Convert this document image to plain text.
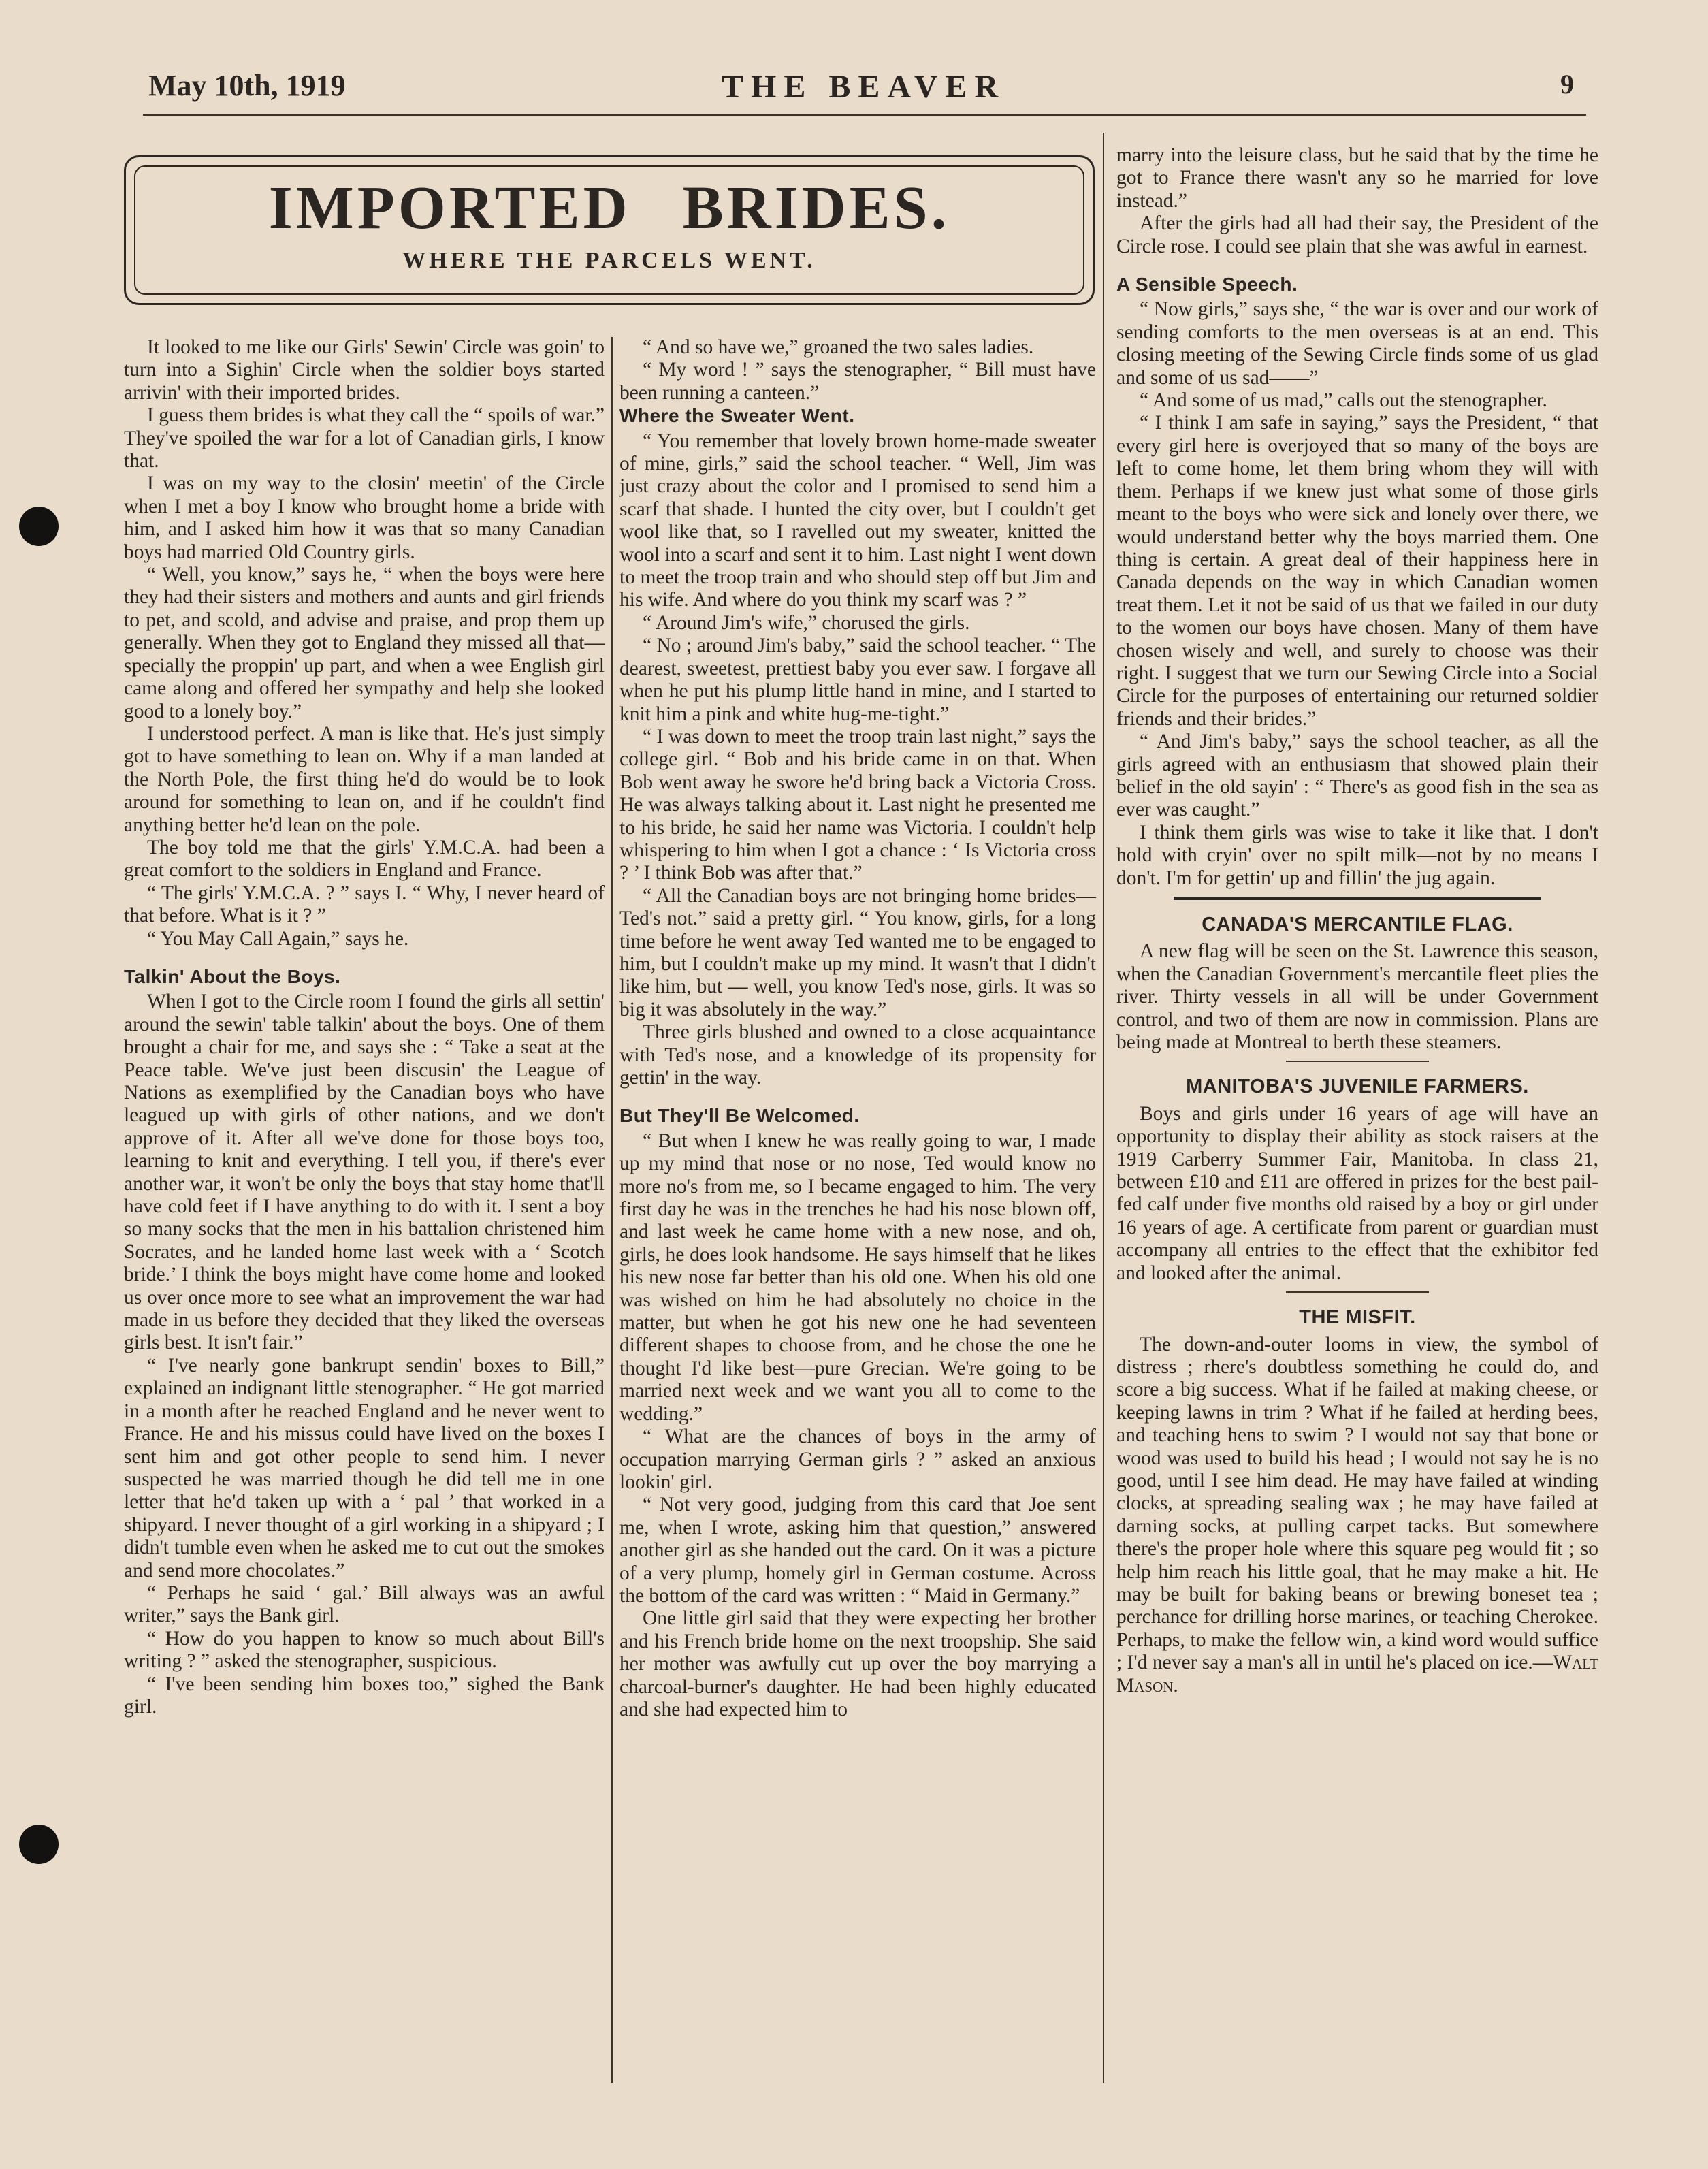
May 10th, 1919	THE BEAVER	9
IMPORTED BRIDES.
WHERE THE PARCELS WENT.

It looked to me like our Girls' Sewin' Circle was goin' to turn into a Sighin' Circle when the soldier boys started arrivin' with their imported brides.

I guess them brides is what they call the “ spoils of war.” They've spoiled the war for a lot of Canadian girls, I know that.

I was on my way to the closin' meetin' of the Circle when I met a boy I know who brought home a bride with him, and I asked him how it was that so many Canadian boys had married Old Country girls.

“ Well, you know,” says he, “ when the boys were here they had their sisters and mothers and aunts and girl friends to pet, and scold, and advise and praise, and prop them up generally. When they got to England they missed all that—specially the proppin' up part, and when a wee English girl came along and offered her sympathy and help she looked good to a lonely boy.”

I understood perfect. A man is like that. He's just simply got to have something to lean on. Why if a man landed at the North Pole, the first thing he'd do would be to look around for something to lean on, and if he couldn't find anything better he'd lean on the pole.

The boy told me that the girls' Y.M.C.A. had been a great comfort to the soldiers in England and France.

“ The girls' Y.M.C.A. ? ” says I. “ Why, I never heard of that before. What is it ? ”

“ You May Call Again,” says he.

Talkin' About the Boys.

When I got to the Circle room I found the girls all settin' around the sewin' table talkin' about the boys. One of them brought a chair for me, and says she : “ Take a seat at the Peace table. We've just been discusin' the League of Nations as exemplified by the Canadian boys who have leagued up with girls of other nations, and we don't approve of it. After all we've done for those boys too, learning to knit and everything. I tell you, if there's ever another war, it won't be only the boys that stay home that'll have cold feet if I have anything to do with it. I sent a boy so many socks that the men in his battalion christened him Socrates, and he landed home last week with a ‘ Scotch bride.’ I think the boys might have come home and looked us over once more to see what an improvement the war had made in us before they decided that they liked the overseas girls best. It isn't fair.”

“ I've nearly gone bankrupt sendin' boxes to Bill,” explained an indignant little stenographer. “ He got married in a month after he reached England and he never went to France. He and his missus could have lived on the boxes I sent him and got other people to send him. I never suspected he was married though he did tell me in one letter that he'd taken up with a ‘ pal ’ that worked in a shipyard. I never thought of a girl working in a shipyard ; I didn't tumble even when he asked me to cut out the smokes and send more chocolates.”

“ Perhaps he said ‘ gal.’ Bill always was an awful writer,” says the Bank girl.

“ How do you happen to know so much about Bill's writing ? ” asked the stenographer, suspicious.

“ I've been sending him boxes too,” sighed the Bank girl.

“ And so have we,” groaned the two sales ladies.

“ My word ! ” says the stenographer, “ Bill must have been running a canteen.”

Where the Sweater Went.

“ You remember that lovely brown home-made sweater of mine, girls,” said the school teacher. “ Well, Jim was just crazy about the color and I promised to send him a scarf that shade. I hunted the city over, but I couldn't get wool like that, so I ravelled out my sweater, knitted the wool into a scarf and sent it to him. Last night I went down to meet the troop train and who should step off but Jim and his wife. And where do you think my scarf was ? ”

“ Around Jim's wife,” chorused the girls.

“ No ; around Jim's baby,” said the school teacher. “ The dearest, sweetest, prettiest baby you ever saw. I forgave all when he put his plump little hand in mine, and I started to knit him a pink and white hug-me-tight.”

“ I was down to meet the troop train last night,” says the college girl. “ Bob and his bride came in on that. When Bob went away he swore he'd bring back a Victoria Cross. He was always talking about it. Last night he presented me to his bride, he said her name was Victoria. I couldn't help whispering to him when I got a chance : ‘ Is Victoria cross ? ’ I think Bob was after that.”

“ All the Canadian boys are not bringing home brides—Ted's not.” said a pretty girl. “ You know, girls, for a long time before he went away Ted wanted me to be engaged to him, but I couldn't make up my mind. It wasn't that I didn't like him, but — well, you know Ted's nose, girls. It was so big it was absolutely in the way.”

Three girls blushed and owned to a close acquaintance with Ted's nose, and a knowledge of its propensity for gettin' in the way.

But They'll Be Welcomed.

“ But when I knew he was really going to war, I made up my mind that nose or no nose, Ted would know no more no's from me, so I became engaged to him. The very first day he was in the trenches he had his nose blown off, and last week he came home with a new nose, and oh, girls, he does look handsome. He says himself that he likes his new nose far better than his old one. When his old one was wished on him he had absolutely no choice in the matter, but when he got his new one he had seventeen different shapes to choose from, and he chose the one he thought I'd like best—pure Grecian. We're going to be married next week and we want you all to come to the wedding.”

“ What are the chances of boys in the army of occupation marrying German girls ? ” asked an anxious lookin' girl.

“ Not very good, judging from this card that Joe sent me, when I wrote, asking him that question,” answered another girl as she handed out the card. On it was a picture of a very plump, homely girl in German costume. Across the bottom of the card was written : “ Maid in Germany.”

One little girl said that they were expecting her brother and his French bride home on the next troopship. She said her mother was awfully cut up over the boy marrying a charcoal-burner's daughter. He had been highly educated and she had expected him to

marry into the leisure class, but he said that by the time he got to France there wasn't any so he married for love instead.”

After the girls had all had their say, the President of the Circle rose. I could see plain that she was awful in earnest.

A Sensible Speech.

“ Now girls,” says she, “ the war is over and our work of sending comforts to the men overseas is at an end. This closing meeting of the Sewing Circle finds some of us glad and some of us sad——”

“ And some of us mad,” calls out the stenographer.

“ I think I am safe in saying,” says the President, “ that every girl here is overjoyed that so many of the boys are left to come home, let them bring whom they will with them. Perhaps if we knew just what some of those girls meant to the boys who were sick and lonely over there, we would understand better why the boys married them. One thing is certain. A great deal of their happiness here in Canada depends on the way in which Canadian women treat them. Let it not be said of us that we failed in our duty to the women our boys have chosen. Many of them have chosen wisely and well, and surely to choose was their right. I suggest that we turn our Sewing Circle into a Social Circle for the purposes of entertaining our returned soldier friends and their brides.”

“ And Jim's baby,” says the school teacher, as all the girls agreed with an enthusiasm that showed plain their belief in the old sayin' : “ There's as good fish in the sea as ever was caught.”

I think them girls was wise to take it like that. I don't hold with cryin' over no spilt milk—not by no means I don't. I'm for gettin' up and fillin' the jug again.

CANADA'S MERCANTILE FLAG.

A new flag will be seen on the St. Lawrence this season, when the Canadian Government's mercantile fleet plies the river. Thirty vessels in all will be under Government control, and two of them are now in commission. Plans are being made at Montreal to berth these steamers.

MANITOBA'S JUVENILE FARMERS.

Boys and girls under 16 years of age will have an opportunity to display their ability as stock raisers at the 1919 Carberry Summer Fair, Manitoba. In class 21, between £10 and £11 are offered in prizes for the best pail-fed calf under five months old raised by a boy or girl under 16 years of age. A certificate from parent or guardian must accompany all entries to the effect that the exhibitor fed and looked after the animal.

THE MISFIT.

The down-and-outer looms in view, the symbol of distress ; rhere's doubtless something he could do, and score a big success. What if he failed at making cheese, or keeping lawns in trim ? What if he failed at herding bees, and teaching hens to swim ? I would not say that bone or wood was used to build his head ; I would not say he is no good, until I see him dead. He may have failed at winding clocks, at spreading sealing wax ; he may have failed at darning socks, at pulling carpet tacks. But somewhere there's the proper hole where this square peg would fit ; so help him reach his little goal, that he may make a hit. He may be built for baking beans or brewing boneset tea ; perchance for drilling horse marines, or teaching Cherokee. Perhaps, to make the fellow win, a kind word would suffice ; I'd never say a man's all in until he's placed on ice.—Walt Mason.
